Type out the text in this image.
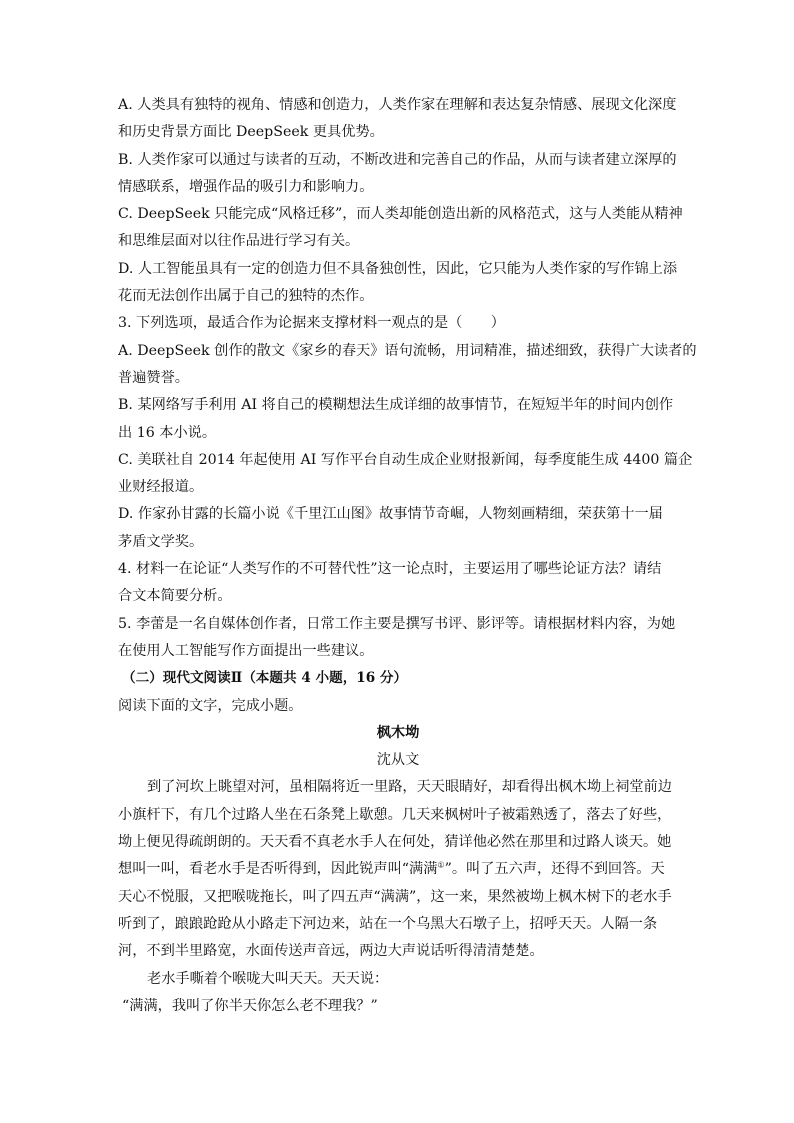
A. 人类具有独特的视角、情感和创造力，人类作家在理解和表达复杂情感、展现文化深度
和历史背景方面比 DeepSeek 更具优势。
B. 人类作家可以通过与读者的互动，不断改进和完善自己的作品，从而与读者建立深厚的
情感联系，增强作品的吸引力和影响力。
C. DeepSeek 只能完成“风格迁移”，而人类却能创造出新的风格范式，这与人类能从精神
和思维层面对以往作品进行学习有关。
D. 人工智能虽具有一定的创造力但不具备独创性，因此，它只能为人类作家的写作锦上添
花而无法创作出属于自己的独特的杰作。
3. 下列选项，最适合作为论据来支撑材料一观点的是（　　）
A. DeepSeek 创作的散文《家乡的春天》语句流畅，用词精准，描述细致，获得广大读者的
普遍赞誉。
B. 某网络写手利用 AI 将自己的模糊想法生成详细的故事情节，在短短半年的时间内创作
出 16 本小说。
C. 美联社自 2014 年起使用 AI 写作平台自动生成企业财报新闻，每季度能生成 4400 篇企
业财经报道。
D. 作家孙甘露的长篇小说《千里江山图》故事情节奇崛，人物刻画精细，荣获第十一届
茅盾文学奖。
4. 材料一在论证“人类写作的不可替代性”这一论点时，主要运用了哪些论证方法？请结
合文本简要分析。
5. 李蕾是一名自媒体创作者，日常工作主要是撰写书评、影评等。请根据材料内容，为她
在使用人工智能写作方面提出一些建议。
（二）现代文阅读Ⅱ（本题共 4 小题，16 分）
阅读下面的文字，完成小题。
枫木坳
沈从文
到了河坎上眺望对河，虽相隔将近一里路，天天眼睛好，却看得出枫木坳上祠堂前边
小旗杆下，有几个过路人坐在石条凳上歇憩。几天来枫树叶子被霜熟透了，落去了好些，
坳上便见得疏朗朗的。天天看不真老水手人在何处，猜详他必然在那里和过路人谈天。她
想叫一叫，看老水手是否听得到，因此锐声叫“满满①”。叫了五六声，还得不到回答。天
天心不悦服，又把喉咙拖长，叫了四五声“满满”，这一来，果然被坳上枫木树下的老水手
听到了，踉踉跄跄从小路走下河边来，站在一个乌黑大石墩子上，招呼天天。人隔一条
河，不到半里路宽，水面传送声音远，两边大声说话听得清清楚楚。
老水手嘶着个喉咙大叫天天。天天说：
“满满，我叫了你半天你怎么老不理我？”
